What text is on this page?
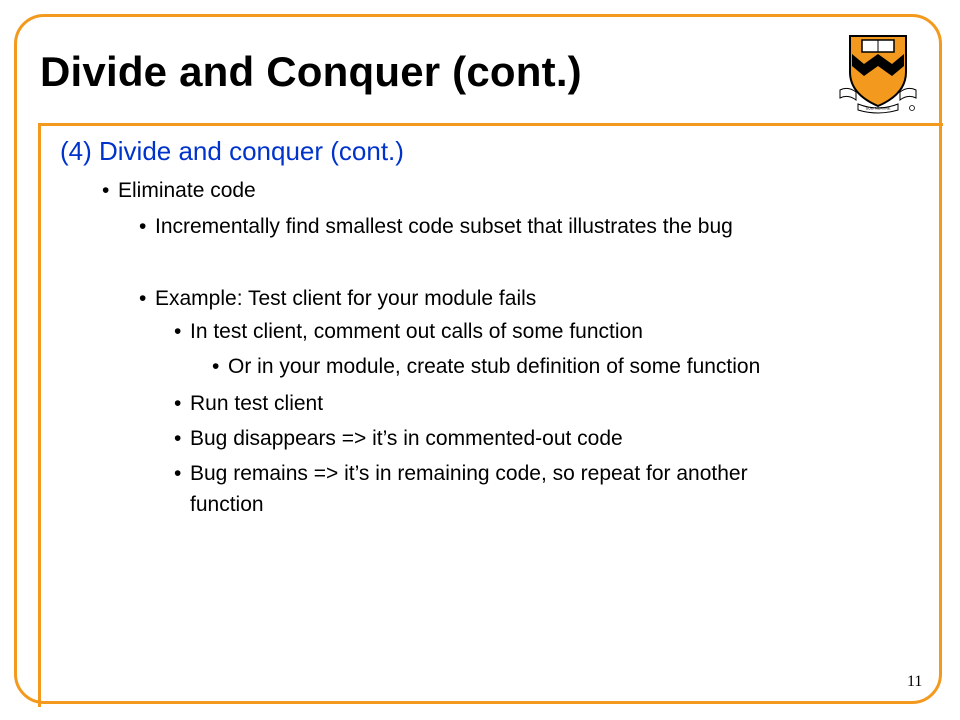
Divide and Conquer (cont.)
SUB NUMINE
(4) Divide and conquer (cont.)
• Eliminate code
• Incrementally find smallest code subset that illustrates the bug
• Example: Test client for your module fails
• In test client, comment out calls of some function
• Or in your module, create stub definition of some function
• Run test client
• Bug disappears => it’s in commented-out code
• Bug remains => it’s in remaining code, so repeat for another
function
11
